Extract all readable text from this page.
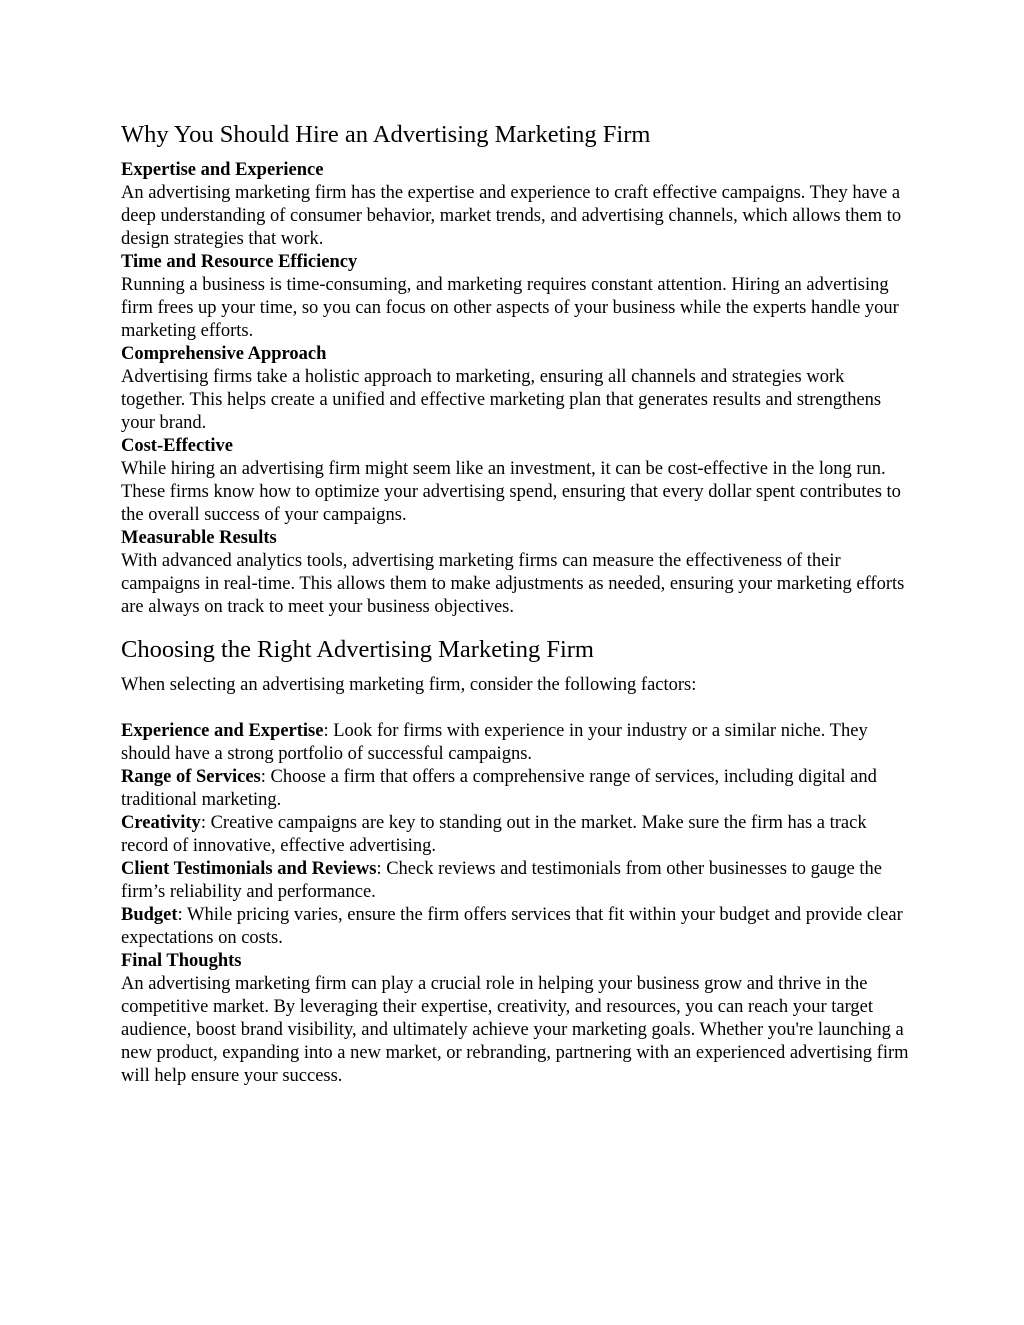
Why You Should Hire an Advertising Marketing Firm

Expertise and Experience

An advertising marketing firm has the expertise and experience to craft effective campaigns. They have a deep understanding of consumer behavior, market trends, and advertising channels, which allows them to design strategies that work.

Time and Resource Efficiency

Running a business is time-consuming, and marketing requires constant attention. Hiring an advertising firm frees up your time, so you can focus on other aspects of your business while the experts handle your marketing efforts.

Comprehensive Approach

Advertising firms take a holistic approach to marketing, ensuring all channels and strategies work together. This helps create a unified and effective marketing plan that generates results and strengthens your brand.

Cost-Effective

While hiring an advertising firm might seem like an investment, it can be cost-effective in the long run. These firms know how to optimize your advertising spend, ensuring that every dollar spent contributes to the overall success of your campaigns.

Measurable Results

With advanced analytics tools, advertising marketing firms can measure the effectiveness of their campaigns in real-time. This allows them to make adjustments as needed, ensuring your marketing efforts are always on track to meet your business objectives.

Choosing the Right Advertising Marketing Firm

When selecting an advertising marketing firm, consider the following factors:

Experience and Expertise: Look for firms with experience in your industry or a similar niche. They should have a strong portfolio of successful campaigns.

Range of Services: Choose a firm that offers a comprehensive range of services, including digital and traditional marketing.

Creativity: Creative campaigns are key to standing out in the market. Make sure the firm has a track record of innovative, effective advertising.

Client Testimonials and Reviews: Check reviews and testimonials from other businesses to gauge the firm’s reliability and performance.

Budget: While pricing varies, ensure the firm offers services that fit within your budget and provide clear expectations on costs.

Final Thoughts

An advertising marketing firm can play a crucial role in helping your business grow and thrive in the competitive market. By leveraging their expertise, creativity, and resources, you can reach your target audience, boost brand visibility, and ultimately achieve your marketing goals. Whether you're launching a new product, expanding into a new market, or rebranding, partnering with an experienced advertising firm will help ensure your success.
